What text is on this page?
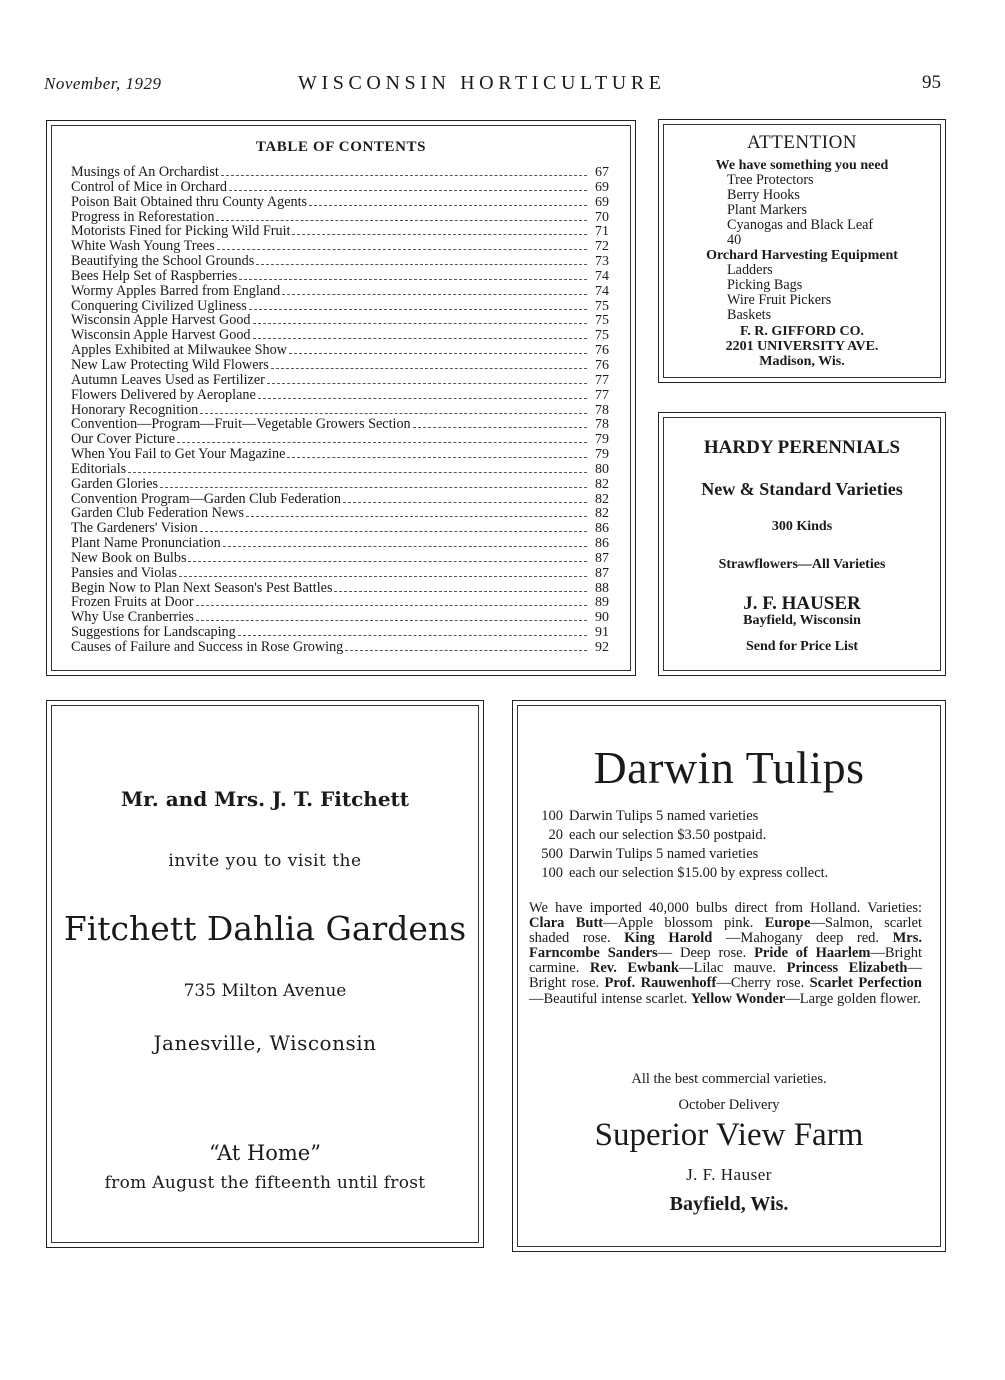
November, 1929	WISCONSIN HORTICULTURE	95
TABLE OF CONTENTS
Musings of An Orchardist	67
Control of Mice in Orchard	69
Poison Bait Obtained thru County Agents	69
Progress in Reforestation	70
Motorists Fined for Picking Wild Fruit	71
White Wash Young Trees	72
Beautifying the School Grounds	73
Bees Help Set of Raspberries	74
Wormy Apples Barred from England	74
Conquering Civilized Ugliness	75
Wisconsin Apple Harvest Good	75
Wisconsin Apple Harvest Good	75
Apples Exhibited at Milwaukee Show	76
New Law Protecting Wild Flowers	76
Autumn Leaves Used as Fertilizer	77
Flowers Delivered by Aeroplane	77
Honorary Recognition	78
Convention—Program—Fruit—Vegetable Growers Section	78
Our Cover Picture	79
When You Fail to Get Your Magazine	79
Editorials	80
Garden Glories	82
Convention Program—Garden Club Federation	82
Garden Club Federation News	82
The Gardeners' Vision	86
Plant Name Pronunciation	86
New Book on Bulbs	87
Pansies and Violas	87
Begin Now to Plan Next Season's Pest Battles	88
Frozen Fruits at Door	89
Why Use Cranberries	90
Suggestions for Landscaping	91
Causes of Failure and Success in Rose Growing	92
ATTENTION
We have something you need
Tree Protectors
Berry Hooks
Plant Markers
Cyanogas and Black Leaf
40
Orchard Harvesting Equipment
Ladders
Picking Bags
Wire Fruit Pickers
Baskets
F. R. GIFFORD CO.
2201 UNIVERSITY AVE.
Madison, Wis.
HARDY PERENNIALS
New & Standard Varieties
300 Kinds
Strawflowers—All Varieties
J. F. HAUSER
Bayfield, Wisconsin
Send for Price List
Mr. and Mrs. J. T. Fitchett
invite you to visit the
Fitchett Dahlia Gardens
735 Milton Avenue
Janesville, Wisconsin
“At Home”
from August the fifteenth until frost
Darwin Tulips
100 Darwin Tulips 5 named varieties
20 each our selection $3.50 postpaid.
500 Darwin Tulips 5 named varieties
100 each our selection $15.00 by express collect.
We have imported 40,000 bulbs direct from Holland. Varieties: Clara Butt—Apple blossom pink. Europe—Salmon, scarlet shaded rose. King Harold —Mahogany deep red. Mrs. Farncombe Sanders— Deep rose. Pride of Haarlem—Bright carmine. Rev. Ewbank—Lilac mauve. Princess Elizabeth— Bright rose. Prof. Rauwenhoff—Cherry rose. Scarlet Perfection—Beautiful intense scarlet. Yellow Wonder—Large golden flower.
All the best commercial varieties.
October Delivery
Superior View Farm
J. F. Hauser
Bayfield, Wis.
